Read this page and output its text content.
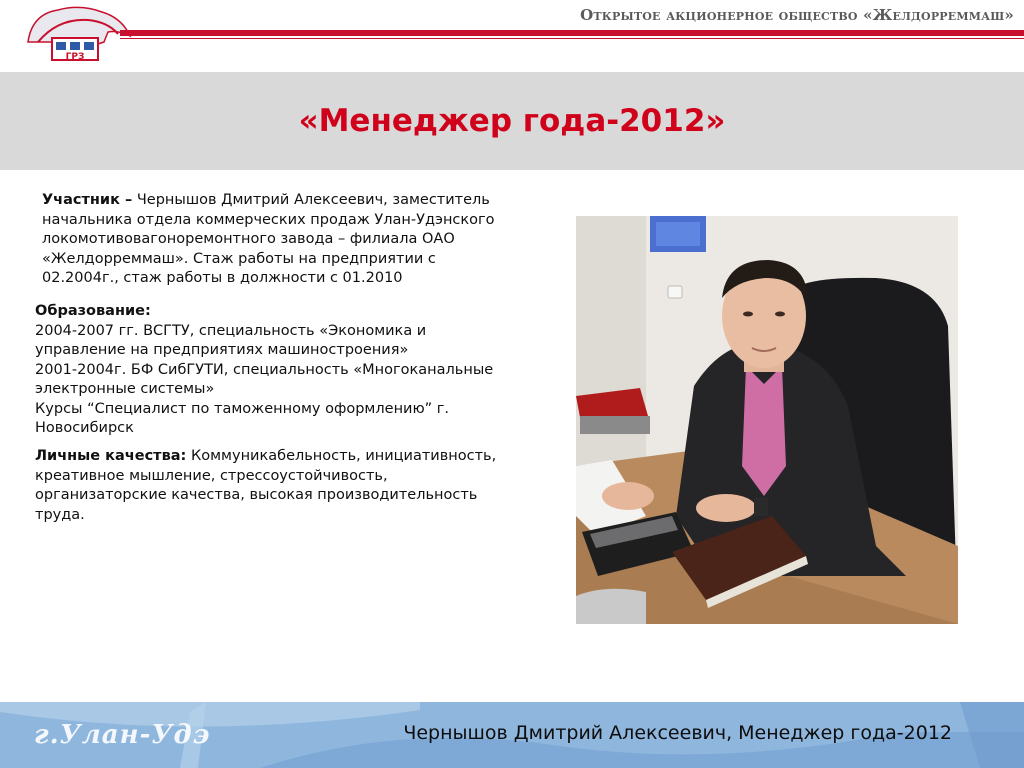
ГРЗ
Открытое акционерное общество «Желдорреммаш»
«Менеджер года-2012»
Участник – Чернышов Дмитрий Алексеевич, заместитель
начальника отдела коммерческих продаж Улан-Удэнского
локомотивовагоноремонтного завода – филиала ОАО
«Желдорреммаш». Стаж работы на предприятии с
02.2004г., стаж работы в должности с 01.2010
Образование:
2004-2007 гг. ВСГТУ, специальность «Экономика и
управление на предприятиях машиностроения»
2001-2004г. БФ СибГУТИ, специальность «Многоканальные
электронные системы»
Курсы “Специалист по таможенному оформлению” г.
Новосибирск
Личные качества: Коммуникабельность, инициативность,
креативное мышление, стрессоустойчивость,
организаторские качества, высокая производительность
труда.
г.Улан-Удэ	Чернышов Дмитрий Алексеевич, Менеджер года-2012
